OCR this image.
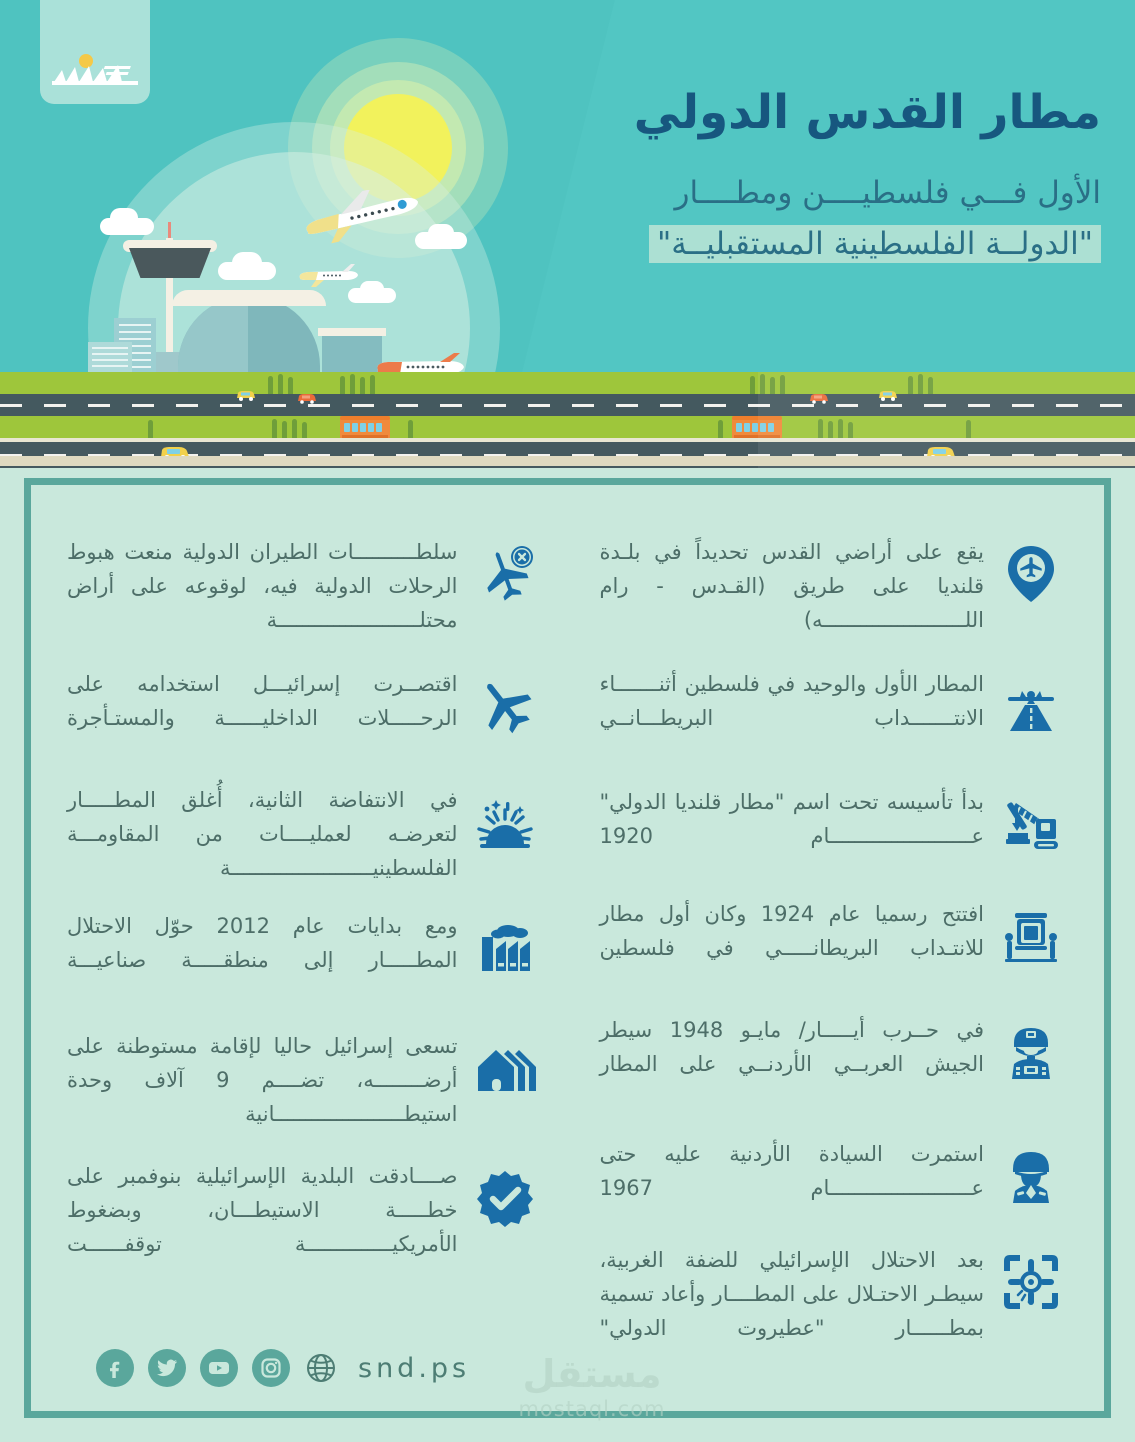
مطار القدس الدولي
الأول فـــي فلسطيــــن ومطــــار
"الدولــة الفلسطينية المستقبليــة"
يقع على أراضي القدس تحديداً في بلـدة قلنديا على طريق (القـدس - رام اللـــــــــــــــــــــــه)
المطار الأول والوحيد في فلسطين أثنـــــــاء الانتـــــــداب البريطـــانــي
بدأ تأسيسه تحت اسم "مطار قلنديا الدولي" عـــــــــــــــــــــــام 1920
افتتح رسميا عام 1924 وكان أول مطار للانتـداب البريطانـــــي في فلسطين
في حــرب أيـــــار/ مايـو 1948 سيطر الجيش العربــي الأردنــي على المطار
استمرت السيادة الأردنية عليه حتى عـــــــــــــــــــــــام 1967
بعد الاحتلال الإسرائيلي للضفة الغربية، سيطـر الاحتـلال على المطــــار وأعاد تسمية بمطــــــار "عطيروت الدولي"
سلطــــــــــات الطيران الدولية منعت هبوط الرحلات الدولية فيه، لوقوعه على أراض محتلـــــــــــــــــــــــة
اقتصــرت إسرائيـــل استخدامه على الرحـــــلات الداخليــــــة والمستـأجرة
في الانتفاضة الثانية، أُغلق المطـــــار لتعرضـه لعمليــــات من المقاومـــة الفلسطينيـــــــــــــــــــــــة
ومع بدايات عام 2012 حوّل الاحتلال المطـــــار إلى منطقـــــة صناعيـــة
تسعى إسرائيل حاليا لإقامة مستوطنة على أرضــــــــه، تضــــم 9 آلاف وحدة استيطـــــــــــــــــــــانية
صــــادقت البلدية الإسرائيلية بنوفمبر على خطـــــة الاستيطـــان، وبضغوط الأمريكيــــــــــــــة توقفــــــت
مستقل
mostaql.com
snd.ps
